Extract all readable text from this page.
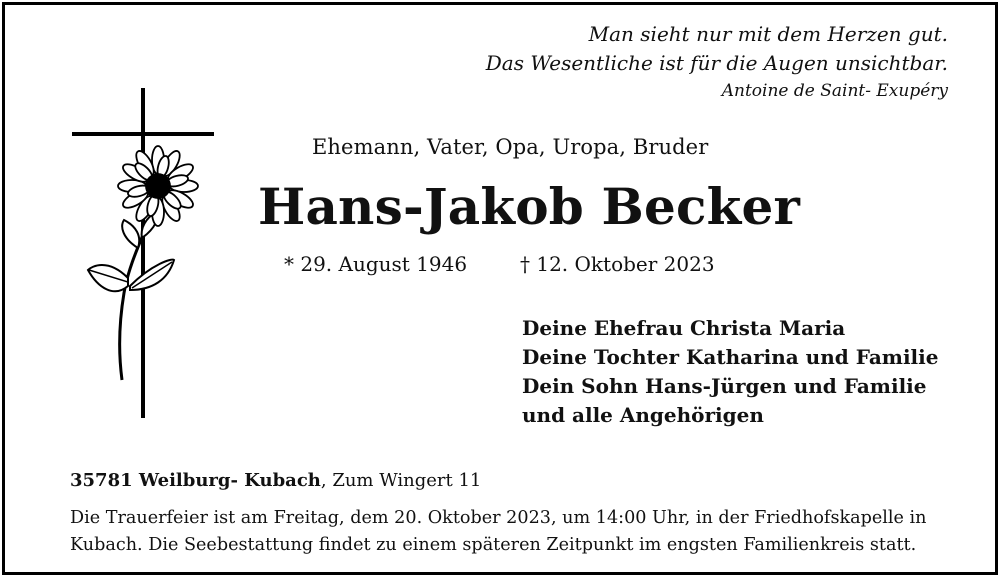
Man sieht nur mit dem Herzen gut.
Das Wesentliche ist für die Augen unsichtbar.
Antoine de Saint- Exupéry
Ehemann, Vater, Opa, Uropa, Bruder
Hans-Jakob Becker
* 29. August 1946	† 12. Oktober 2023
Deine Ehefrau Christa Maria
Deine Tochter Katharina und Familie
Dein Sohn Hans-Jürgen und Familie
und alle Angehörigen
35781 Weilburg- Kubach, Zum Wingert 11
Die Trauerfeier ist am Freitag, dem 20. Oktober 2023, um 14:00 Uhr, in der Friedhofskapelle in
Kubach. Die Seebestattung findet zu einem späteren Zeitpunkt im engsten Familienkreis statt.
